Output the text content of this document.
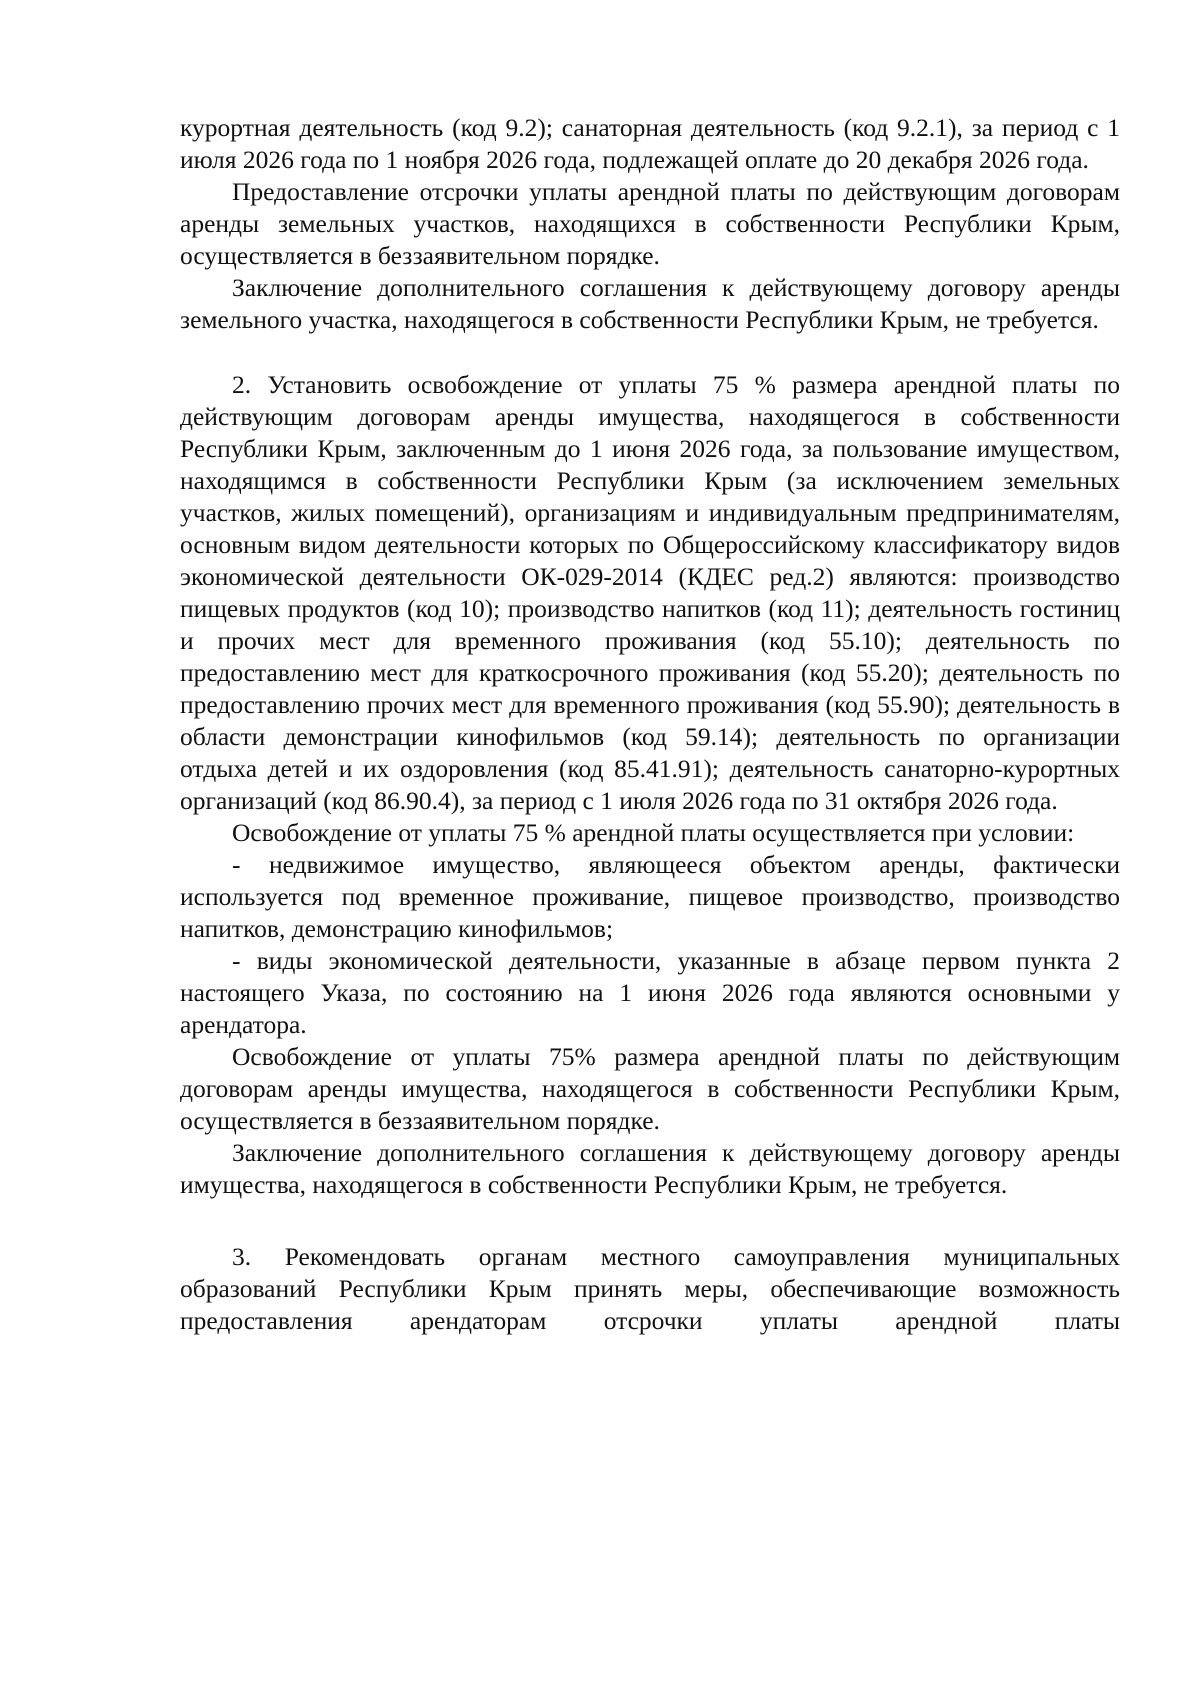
курортная деятельность (код 9.2); санаторная деятельность (код 9.2.1), за период с 1 июля 2026 года по 1 ноября 2026 года, подлежащей оплате до 20 декабря 2026 года.

Предоставление отсрочки уплаты арендной платы по действующим договорам аренды земельных участков, находящихся в собственности Республики Крым, осуществляется в беззаявительном порядке.

Заключение дополнительного соглашения к действующему договору аренды земельного участка, находящегося в собственности Республики Крым, не требуется.

2. Установить освобождение от уплаты 75 % размера арендной платы по действующим договорам аренды имущества, находящегося в собственности Республики Крым, заключенным до 1 июня 2026 года, за пользование имуществом, находящимся в собственности Республики Крым (за исключением земельных участков, жилых помещений), организациям и индивидуальным предпринимателям, основным видом деятельности которых по Общероссийскому классификатору видов экономической деятельности ОК-029-2014 (КДЕС ред.2) являются: производство пищевых продуктов (код 10); производство напитков (код 11); деятельность гостиниц и прочих мест для временного проживания (код 55.10); деятельность по предоставлению мест для краткосрочного проживания (код 55.20); деятельность по предоставлению прочих мест для временного проживания (код 55.90); деятельность в области демонстрации кинофильмов (код 59.14); деятельность по организации отдыха детей и их оздоровления (код 85.41.91); деятельность санаторно-курортных организаций (код 86.90.4), за период с 1 июля 2026 года по 31 октября 2026 года.

Освобождение от уплаты 75 % арендной платы осуществляется при условии:

- недвижимое имущество, являющееся объектом аренды, фактически используется под временное проживание, пищевое производство, производство напитков, демонстрацию кинофильмов;

- виды экономической деятельности, указанные в абзаце первом пункта 2 настоящего Указа, по состоянию на 1 июня 2026 года являются основными у арендатора.

Освобождение от уплаты 75% размера арендной платы по действующим договорам аренды имущества, находящегося в собственности Республики Крым, осуществляется в беззаявительном порядке.

Заключение дополнительного соглашения к действующему договору аренды имущества, находящегося в собственности Республики Крым, не требуется.

3. Рекомендовать органам местного самоуправления муниципальных образований Республики Крым принять меры, обеспечивающие возможность предоставления арендаторам отсрочки уплаты арендной платы
